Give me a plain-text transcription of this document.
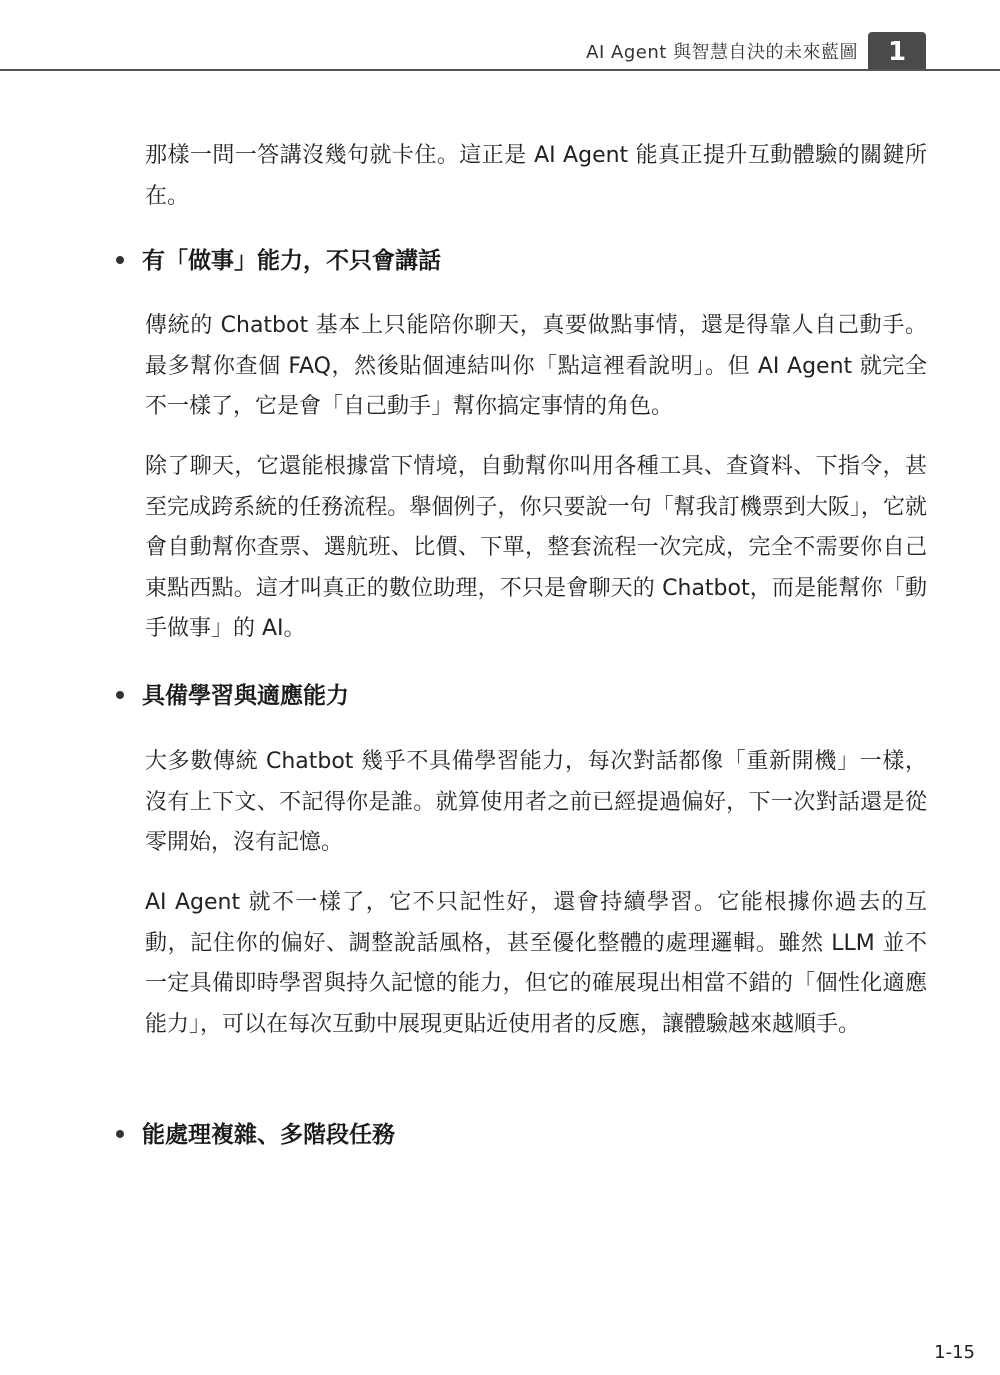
AI Agent 與智慧自決的未來藍圖	1
那樣一問一答講沒幾句就卡住。這正是 AI Agent 能真正提升互動體驗的關鍵所在。
有「做事」能力，不只會講話
傳統的 Chatbot 基本上只能陪你聊天，真要做點事情，還是得靠人自己動手。最多幫你查個 FAQ，然後貼個連結叫你「點這裡看說明」。但 AI Agent 就完全不一樣了，它是會「自己動手」幫你搞定事情的角色。
除了聊天，它還能根據當下情境，自動幫你叫用各種工具、查資料、下指令，甚至完成跨系統的任務流程。舉個例子，你只要說一句「幫我訂機票到大阪」，它就會自動幫你查票、選航班、比價、下單，整套流程一次完成，完全不需要你自己東點西點。這才叫真正的數位助理，不只是會聊天的 Chatbot，而是能幫你「動手做事」的 AI。
具備學習與適應能力
大多數傳統 Chatbot 幾乎不具備學習能力，每次對話都像「重新開機」一樣，沒有上下文、不記得你是誰。就算使用者之前已經提過偏好，下一次對話還是從零開始，沒有記憶。
AI Agent 就不一樣了，它不只記性好，還會持續學習。它能根據你過去的互動，記住你的偏好、調整說話風格，甚至優化整體的處理邏輯。雖然 LLM 並不一定具備即時學習與持久記憶的能力，但它的確展現出相當不錯的「個性化適應能力」，可以在每次互動中展現更貼近使用者的反應，讓體驗越來越順手。
能處理複雜、多階段任務
1-15
